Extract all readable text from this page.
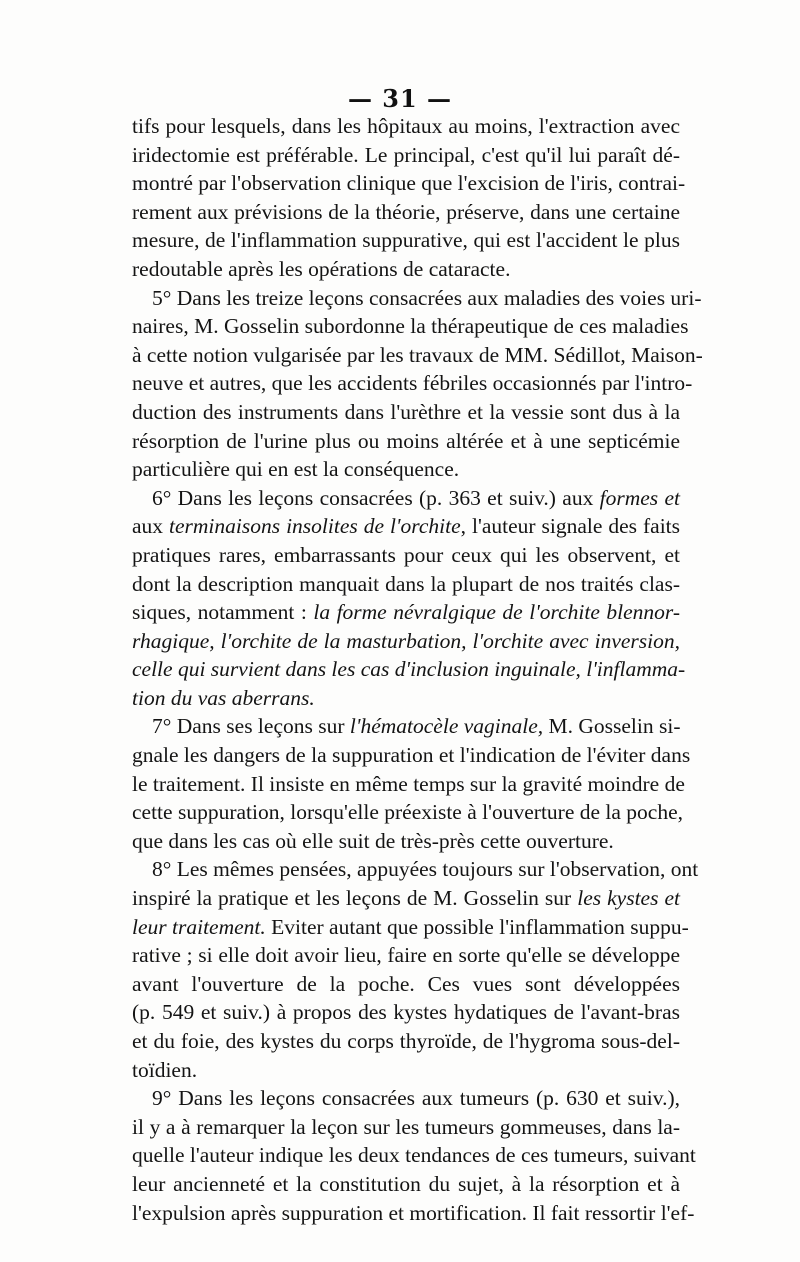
— 31 —
tifs pour lesquels, dans les hôpitaux au moins, l'extraction avec
iridectomie est préférable. Le principal, c'est qu'il lui paraît dé-
montré par l'observation clinique que l'excision de l'iris, contrai-
rement aux prévisions de la théorie, préserve, dans une certaine
mesure, de l'inflammation suppurative, qui est l'accident le plus
redoutable après les opérations de cataracte.
5° Dans les treize leçons consacrées aux maladies des voies uri-
naires, M. Gosselin subordonne la thérapeutique de ces maladies
à cette notion vulgarisée par les travaux de MM. Sédillot, Maison-
neuve et autres, que les accidents fébriles occasionnés par l'intro-
duction des instruments dans l'urèthre et la vessie sont dus à la
résorption de l'urine plus ou moins altérée et à une septicémie
particulière qui en est la conséquence.
6° Dans les leçons consacrées (p. 363 et suiv.) aux formes et
aux terminaisons insolites de l'orchite, l'auteur signale des faits
pratiques rares, embarrassants pour ceux qui les observent, et
dont la description manquait dans la plupart de nos traités clas-
siques, notamment : la forme névralgique de l'orchite blennor-
rhagique, l'orchite de la masturbation, l'orchite avec inversion,
celle qui survient dans les cas d'inclusion inguinale, l'inflamma-
tion du vas aberrans.
7° Dans ses leçons sur l'hématocèle vaginale, M. Gosselin si-
gnale les dangers de la suppuration et l'indication de l'éviter dans
le traitement. Il insiste en même temps sur la gravité moindre de
cette suppuration, lorsqu'elle préexiste à l'ouverture de la poche,
que dans les cas où elle suit de très-près cette ouverture.
8° Les mêmes pensées, appuyées toujours sur l'observation, ont
inspiré la pratique et les leçons de M. Gosselin sur les kystes et
leur traitement. Eviter autant que possible l'inflammation suppu-
rative ; si elle doit avoir lieu, faire en sorte qu'elle se développe
avant l'ouverture de la poche. Ces vues sont développées
(p. 549 et suiv.) à propos des kystes hydatiques de l'avant-bras
et du foie, des kystes du corps thyroïde, de l'hygroma sous-del-
toïdien.
9° Dans les leçons consacrées aux tumeurs (p. 630 et suiv.),
il y a à remarquer la leçon sur les tumeurs gommeuses, dans la-
quelle l'auteur indique les deux tendances de ces tumeurs, suivant
leur ancienneté et la constitution du sujet, à la résorption et à
l'expulsion après suppuration et mortification. Il fait ressortir l'ef-
